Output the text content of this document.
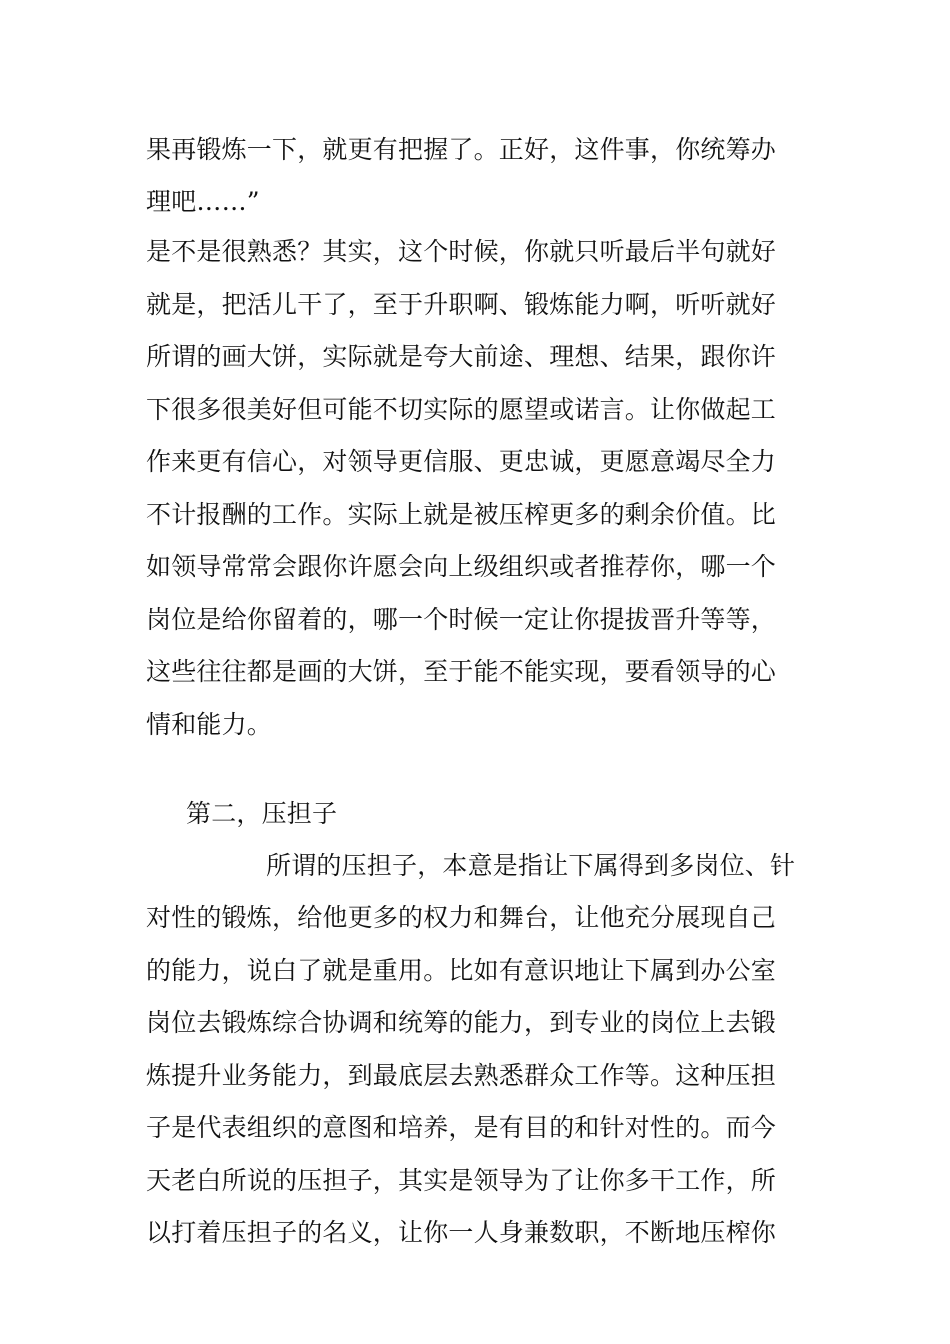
果再锻炼一下，就更有把握了。正好，这件事，你统筹办
理吧……”
是不是很熟悉？其实，这个时候，你就只听最后半句就好
就是，把活儿干了，至于升职啊、锻炼能力啊，听听就好
所谓的画大饼，实际就是夸大前途、理想、结果，跟你许
下很多很美好但可能不切实际的愿望或诺言。让你做起工
作来更有信心，对领导更信服、更忠诚，更愿意竭尽全力
不计报酬的工作。实际上就是被压榨更多的剩余价值。比
如领导常常会跟你许愿会向上级组织或者推荐你，哪一个
岗位是给你留着的，哪一个时候一定让你提拔晋升等等，
这些往往都是画的大饼，至于能不能实现，要看领导的心
情和能力。
第二，压担子
所谓的压担子，本意是指让下属得到多岗位、针
对性的锻炼，给他更多的权力和舞台，让他充分展现自己
的能力，说白了就是重用。比如有意识地让下属到办公室
岗位去锻炼综合协调和统筹的能力，到专业的岗位上去锻
炼提升业务能力，到最底层去熟悉群众工作等。这种压担
子是代表组织的意图和培养，是有目的和针对性的。而今
天老白所说的压担子，其实是领导为了让你多干工作，所
以打着压担子的名义，让你一人身兼数职，不断地压榨你
